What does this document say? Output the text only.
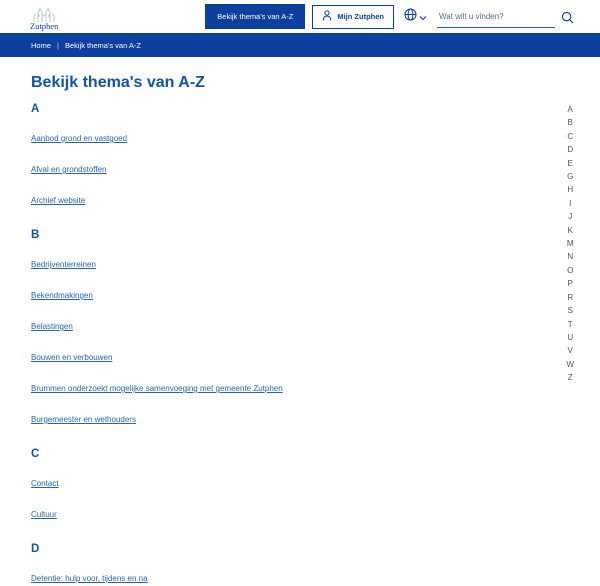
Zutphen
Bekijk thema's van A-Z	Mijn Zutphen
Wat wilt u vinden?
Home | Bekijk thema's van A-Z
Bekijk thema's van A-Z
A
Aanbod grond en vastgoed
Afval en grondstoffen
Archief website
B
Bedrijventerreinen
Bekendmakingen
Belastingen
Bouwen en verbouwen
Brummen onderzoekt mogelijke samenvoeging met gemeente Zutphen
Burgemeester en wethouders
C
Contact
Cultuur
D
Detentie: hulp voor, tijdens en na
A
B
C
D
E
G
H
I
J
K
M
N
O
P
R
S
T
U
V
W
Z
